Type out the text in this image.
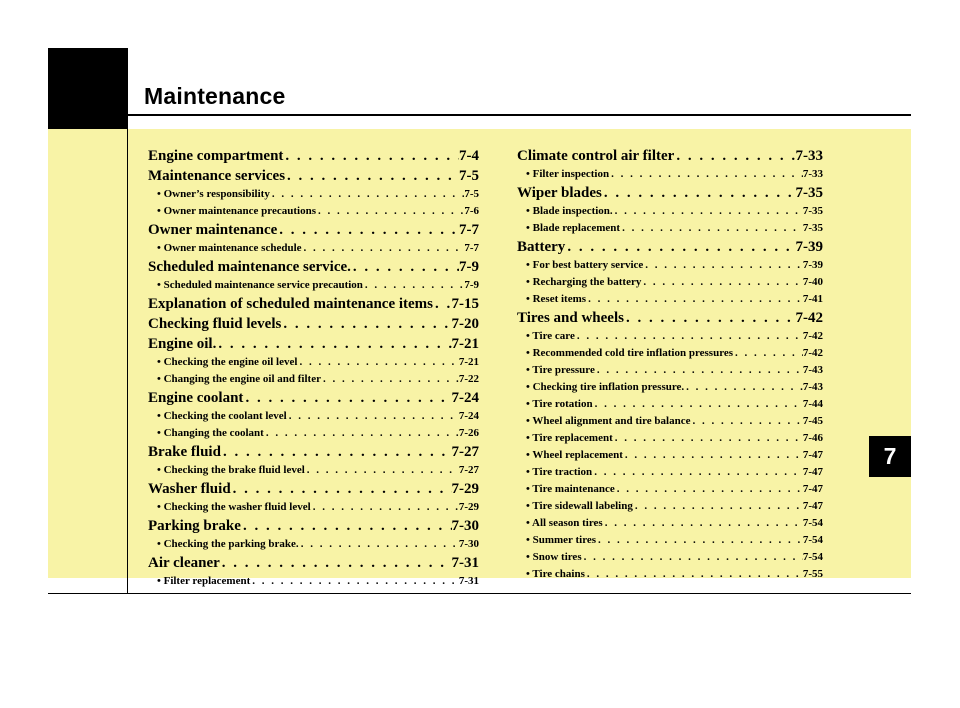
Maintenance
Engine compartment . . .	7-4
Maintenance services . . .	7-5
• Owner’s responsibility . . .	7-5
• Owner maintenance precautions . . .	7-6
Owner maintenance . . .	7-7
• Owner maintenance schedule . . .	7-7
Scheduled maintenance service. . . .	7-9
• Scheduled maintenance service precaution . . .	7-9
Explanation of scheduled maintenance items . . . 7-15
Checking fluid levels . . .	7-20
Engine oil. . . .	7-21
• Checking the engine oil level . . .	7-21
• Changing the engine oil and filter . . .	7-22
Engine coolant . . .	7-24
• Checking the coolant level . . .	7-24
• Changing the coolant . . .	7-26
Brake fluid . . .	7-27
• Checking the brake fluid level . . .	7-27
Washer fluid . . .	7-29
• Checking the washer fluid level . . .	7-29
Parking brake . . .	7-30
• Checking the parking brake. . . .	7-30
Air cleaner . . .	7-31
• Filter replacement . . .	7-31
Climate control air filter . . .	7-33
• Filter inspection . . .	7-33
Wiper blades . . .	7-35
• Blade inspection. . . .	7-35
• Blade replacement . . .	7-35
Battery . . .	7-39
• For best battery service . . .	7-39
• Recharging the battery . . .	7-40
• Reset items . . .	7-41
Tires and wheels . . .	7-42
• Tire care . . .	7-42
• Recommended cold tire inflation pressures . . .	7-42
• Tire pressure . . .	7-43
• Checking tire inflation pressure. . . .	7-43
• Tire rotation . . .	7-44
• Wheel alignment and tire balance . . .	7-45
• Tire replacement . . .	7-46
• Wheel replacement . . .	7-47
• Tire traction . . .	7-47
• Tire maintenance . . .	7-47
• Tire sidewall labeling . . .	7-47
• All season tires . . .	7-54
• Summer tires . . .	7-54
• Snow tires . . .	7-54
• Tire chains . . .	7-55
7
